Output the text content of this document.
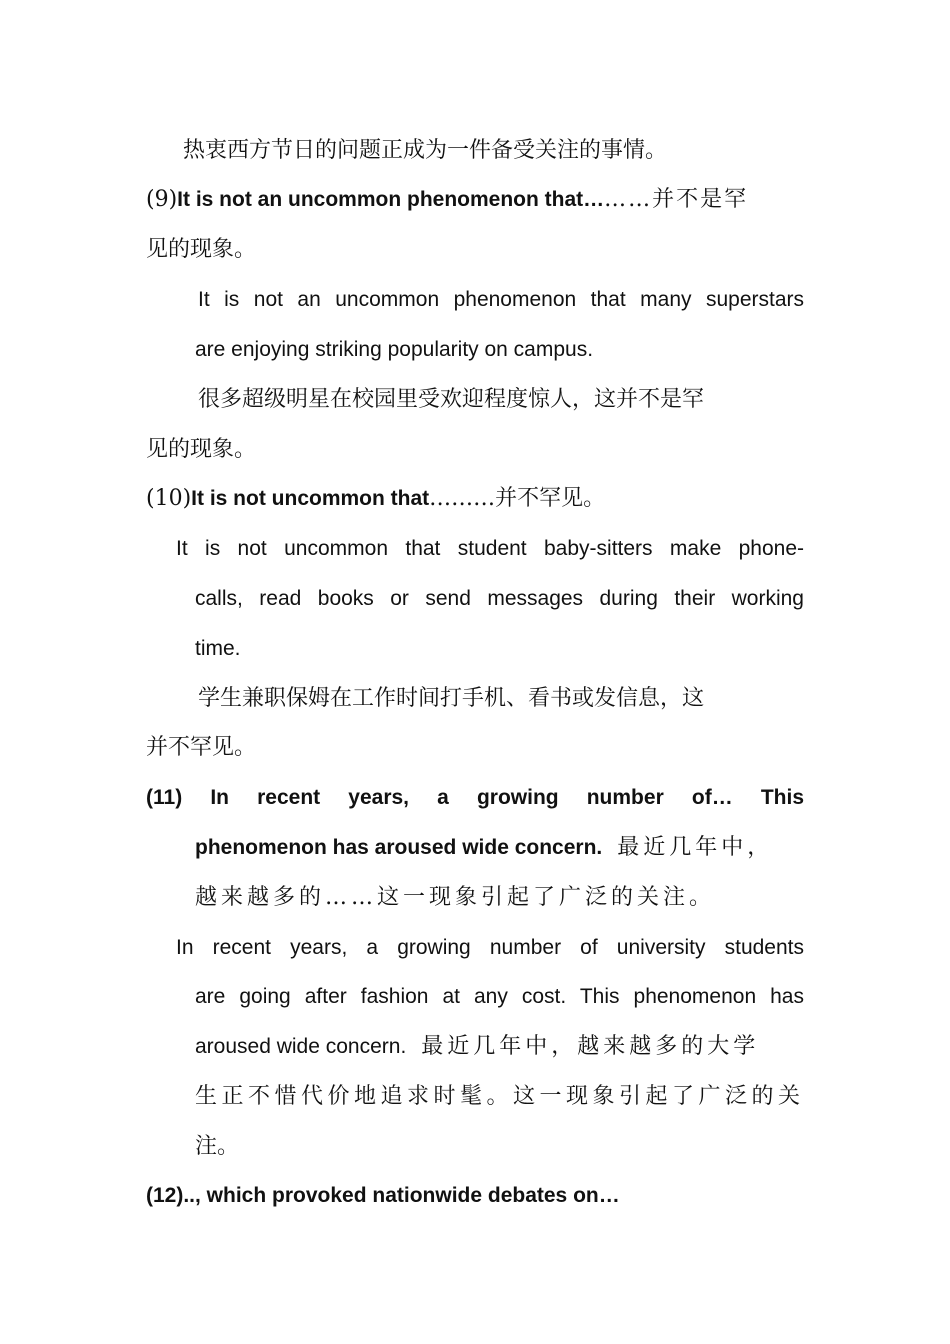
热衷西方节日的问题正成为一件备受关注的事情。
(9)It is not an uncommon phenomenon that………并不是罕
见的现象。
It is not an uncommon phenomenon that many superstars
are enjoying striking popularity on campus.
很多超级明星在校园里受欢迎程度惊人，这并不是罕
见的现象。
(10)It is not uncommon that………并不罕见。
It is not uncommon that student baby-sitters make phone-
calls, read books or send messages during their working
time.
学生兼职保姆在工作时间打手机、看书或发信息，这
并不罕见。
(11) In recent years, a growing number of… This
phenomenon has aroused wide concern. 最近几年中，
越来越多的……这一现象引起了广泛的关注。
In recent years, a growing number of university students
are going after fashion at any cost. This phenomenon has
aroused wide concern. 最近几年中，越来越多的大学
生正不惜代价地追求时髦。这一现象引起了广泛的关
注。
(12).., which provoked nationwide debates on…
